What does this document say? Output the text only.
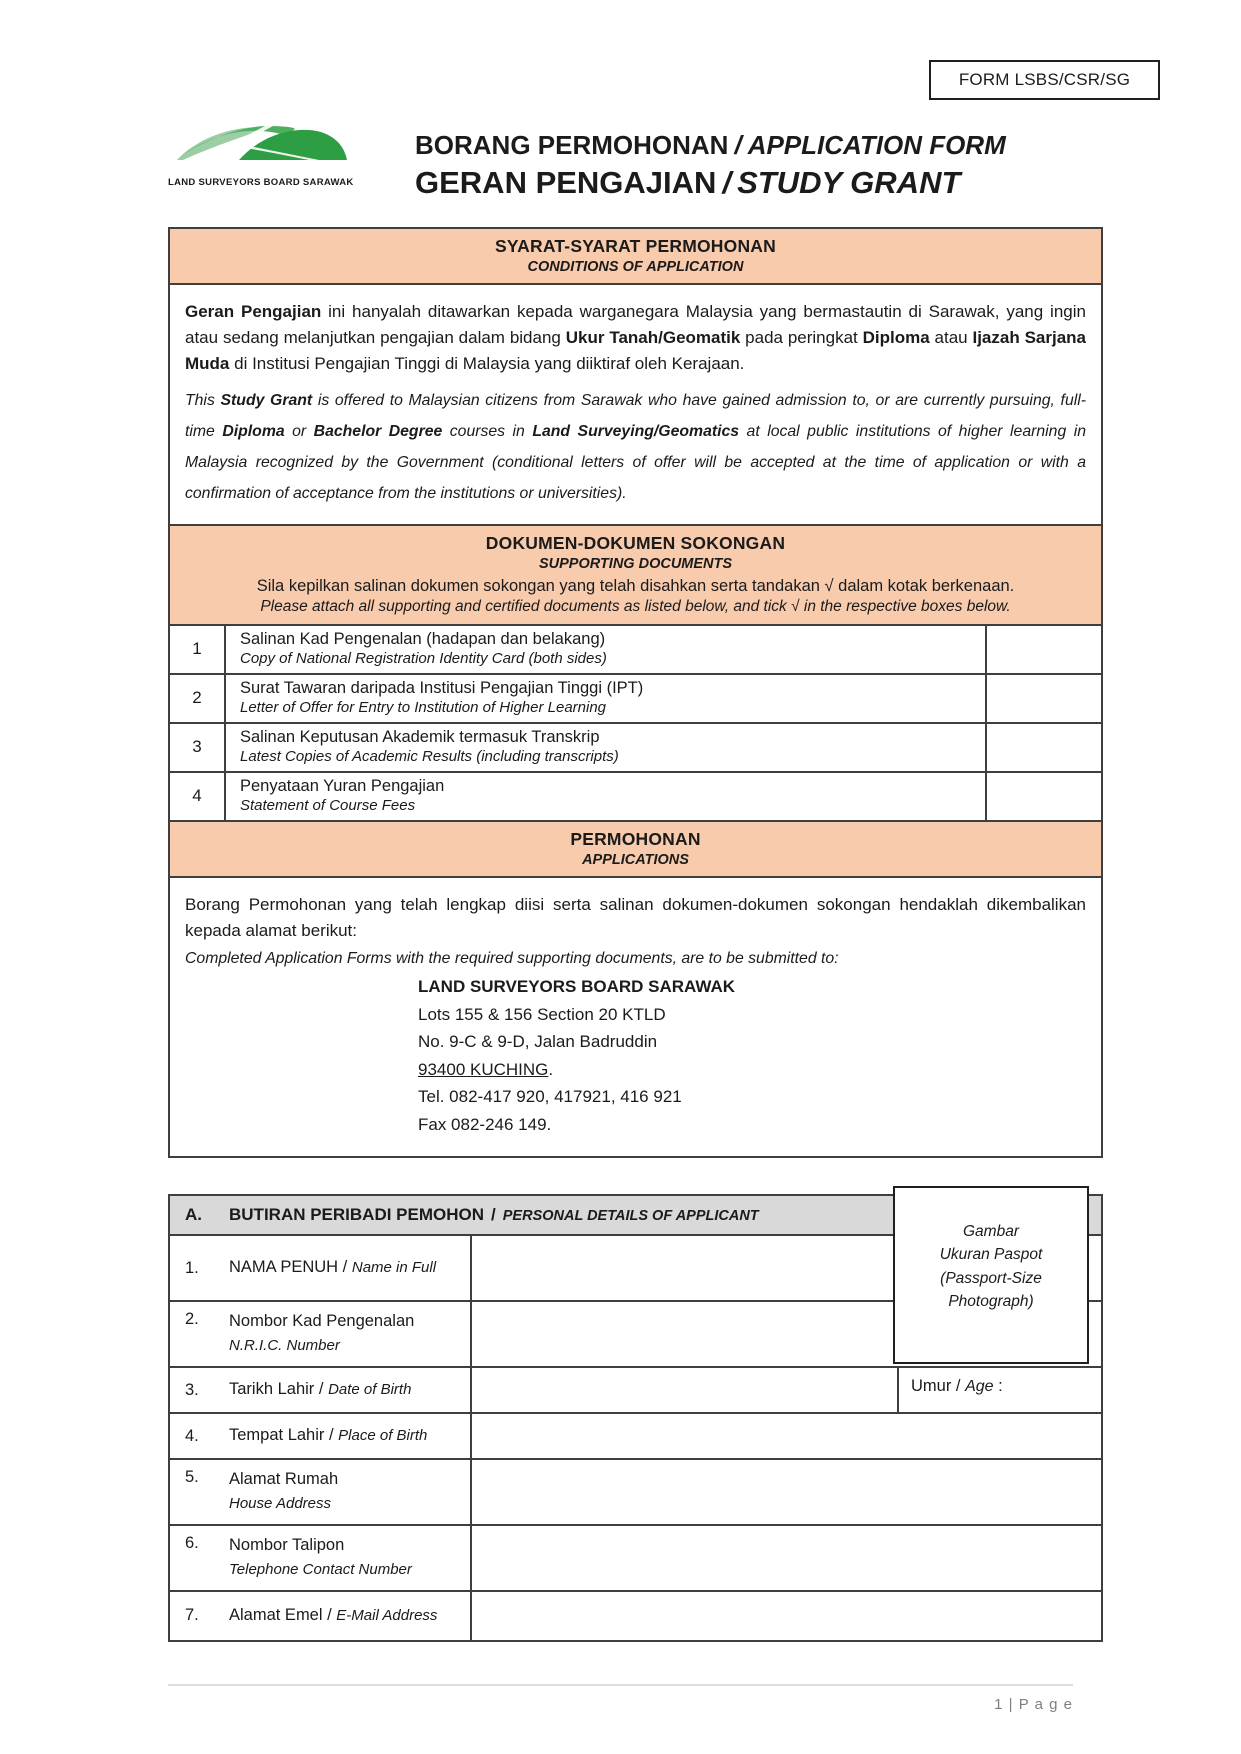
FORM LSBS/CSR/SG
LAND SURVEYORS BOARD SARAWAK
BORANG PERMOHONAN / APPLICATION FORM
GERAN PENGAJIAN / STUDY GRANT
SYARAT-SYARAT PERMOHONAN
CONDITIONS OF APPLICATION

Geran Pengajian ini hanyalah ditawarkan kepada warganegara Malaysia yang bermastautin di Sarawak, yang ingin atau sedang melanjutkan pengajian dalam bidang Ukur Tanah/Geomatik pada peringkat Diploma atau Ijazah Sarjana Muda di Institusi Pengajian Tinggi di Malaysia yang diiktiraf oleh Kerajaan.

This Study Grant is offered to Malaysian citizens from Sarawak who have gained admission to, or are currently pursuing, full-time Diploma or Bachelor Degree courses in Land Surveying/Geomatics at local public institutions of higher learning in Malaysia recognized by the Government (conditional letters of offer will be accepted at the time of application or with a confirmation of acceptance from the institutions or universities).

DOKUMEN-DOKUMEN SOKONGAN
SUPPORTING DOCUMENTS
Sila kepilkan salinan dokumen sokongan yang telah disahkan serta tandakan √ dalam kotak berkenaan.
Please attach all supporting and certified documents as listed below, and tick √ in the respective boxes below.
1
Salinan Kad Pengenalan (hadapan dan belakang)
Copy of National Registration Identity Card (both sides)
2
Surat Tawaran daripada Institusi Pengajian Tinggi (IPT)
Letter of Offer for Entry to Institution of Higher Learning
3
Salinan Keputusan Akademik termasuk Transkrip
Latest Copies of Academic Results (including transcripts)
4
Penyataan Yuran Pengajian
Statement of Course Fees
PERMOHONAN
APPLICATIONS

Borang Permohonan yang telah lengkap diisi serta salinan dokumen-dokumen sokongan hendaklah dikembalikan kepada alamat berikut:

Completed Application Forms with the required supporting documents, are to be submitted to:

LAND SURVEYORS BOARD SARAWAK
Lots 155 & 156 Section 20 KTLD
No. 9-C & 9-D, Jalan Badruddin
93400 KUCHING.
Tel. 082-417 920, 417921, 416 921
Fax 082-246 149.
Gambar
Ukuran Paspot
(Passport-Size
Photograph)
A.	BUTIRAN PERIBADI PEMOHON / PERSONAL DETAILS OF APPLICANT
1.	NAMA PENUH / Name in Full
2.	Nombor Kad Pengenalan
N.R.I.C. Number
3.	Tarikh Lahir / Date of Birth	Umur / Age :
4.	Tempat Lahir / Place of Birth
5.	Alamat Rumah
House Address
6.	Nombor Talipon
Telephone Contact Number
7.	Alamat Emel / E-Mail Address
1 | P a g e
